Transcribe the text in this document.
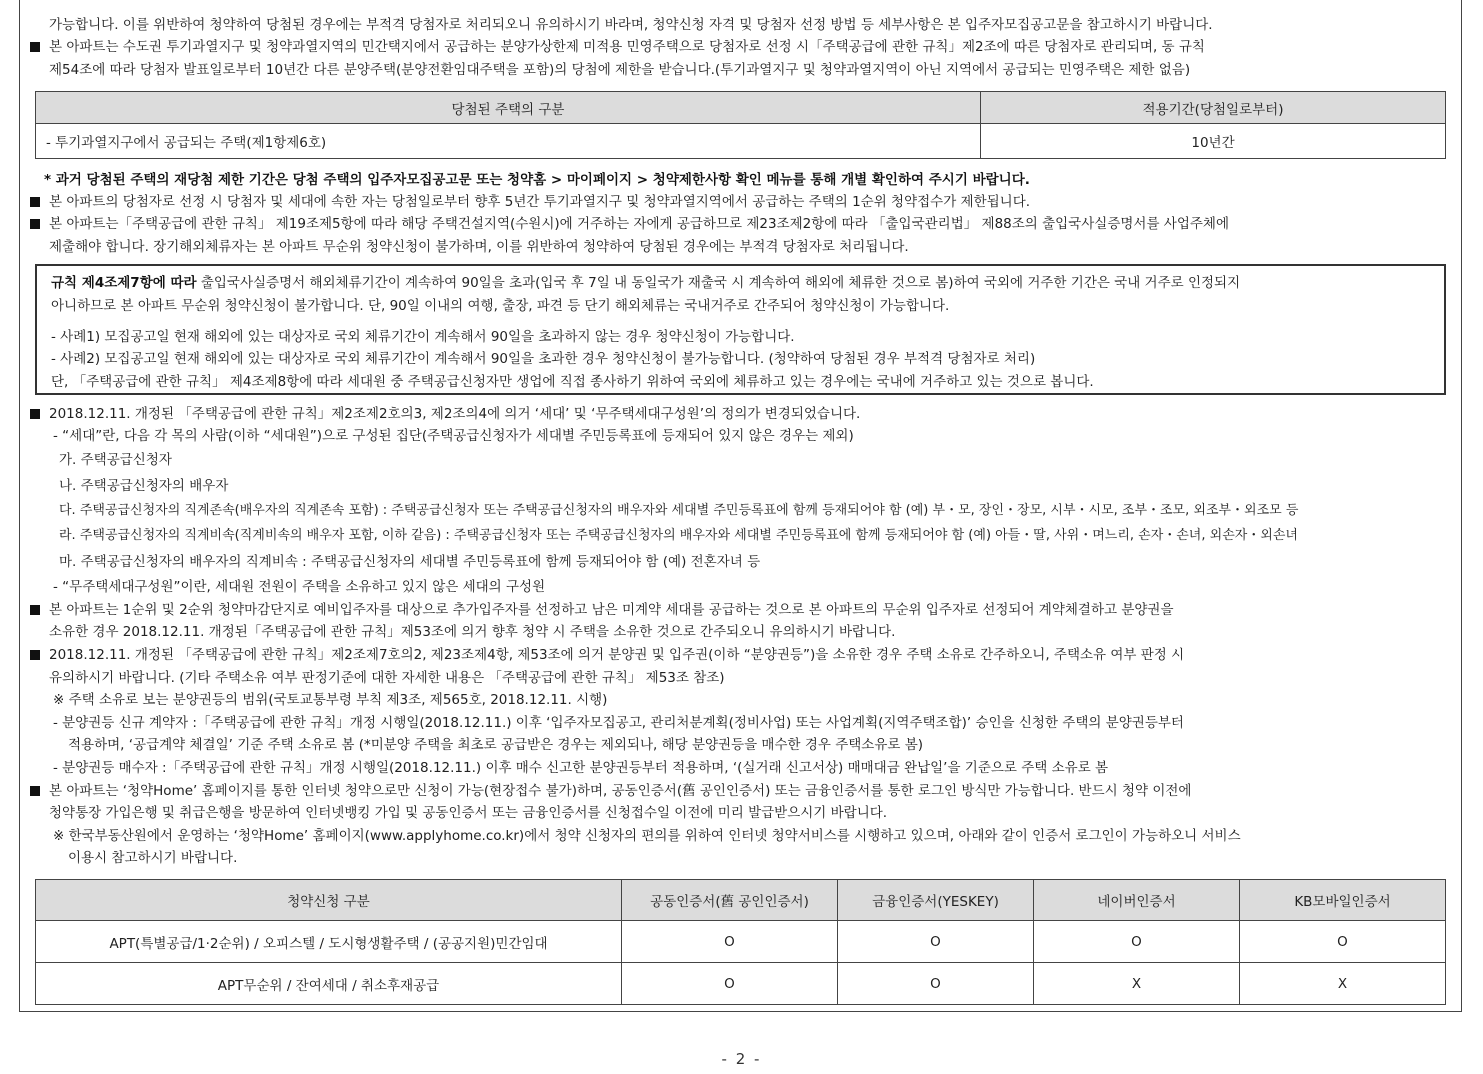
가능합니다. 이를 위반하여 청약하여 당첨된 경우에는 부적격 당첨자로 처리되오니 유의하시기 바라며, 청약신청 자격 및 당첨자 선정 방법 등 세부사항은 본 입주자모집공고문을 참고하시기 바랍니다.
본 아파트는 수도권 투기과열지구 및 청약과열지역의 민간택지에서 공급하는 분양가상한제 미적용 민영주택으로 당첨자로 선정 시「주택공급에 관한 규칙」제2조에 따른 당첨자로 관리되며, 동 규칙
제54조에 따라 당첨자 발표일로부터 10년간 다른 분양주택(분양전환임대주택을 포함)의 당첨에 제한을 받습니다.(투기과열지구 및 청약과열지역이 아닌 지역에서 공급되는 민영주택은 제한 없음)
당첨된 주택의 구분	적용기간(당첨일로부터)
- 투기과열지구에서 공급되는 주택(제1항제6호)	10년간
* 과거 당첨된 주택의 재당첨 제한 기간은 당첨 주택의 입주자모집공고문 또는 청약홈 > 마이페이지 > 청약제한사항 확인 메뉴를 통해 개별 확인하여 주시기 바랍니다.
본 아파트의 당첨자로 선정 시 당첨자 및 세대에 속한 자는 당첨일로부터 향후 5년간 투기과열지구 및 청약과열지역에서 공급하는 주택의 1순위 청약접수가 제한됩니다.
본 아파트는「주택공급에 관한 규칙」 제19조제5항에 따라 해당 주택건설지역(수원시)에 거주하는 자에게 공급하므로 제23조제2항에 따라 「출입국관리법」 제88조의 출입국사실증명서를 사업주체에
제출해야 합니다. 장기해외체류자는 본 아파트 무순위 청약신청이 불가하며, 이를 위반하여 청약하여 당첨된 경우에는 부적격 당첨자로 처리됩니다.
규칙 제4조제7항에 따라 출입국사실증명서 해외체류기간이 계속하여 90일을 초과(입국 후 7일 내 동일국가 재출국 시 계속하여 해외에 체류한 것으로 봄)하여 국외에 거주한 기간은 국내 거주로 인정되지
아니하므로 본 아파트 무순위 청약신청이 불가합니다. 단, 90일 이내의 여행, 출장, 파견 등 단기 해외체류는 국내거주로 간주되어 청약신청이 가능합니다.
- 사례1) 모집공고일 현재 해외에 있는 대상자로 국외 체류기간이 계속해서 90일을 초과하지 않는 경우 청약신청이 가능합니다.
- 사례2) 모집공고일 현재 해외에 있는 대상자로 국외 체류기간이 계속해서 90일을 초과한 경우 청약신청이 불가능합니다. (청약하여 당첨된 경우 부적격 당첨자로 처리)
단, 「주택공급에 관한 규칙」 제4조제8항에 따라 세대원 중 주택공급신청자만 생업에 직접 종사하기 위하여 국외에 체류하고 있는 경우에는 국내에 거주하고 있는 것으로 봅니다.
2018.12.11. 개정된 「주택공급에 관한 규칙」제2조제2호의3, 제2조의4에 의거 ‘세대’ 및 ‘무주택세대구성원’의 정의가 변경되었습니다.
- “세대”란, 다음 각 목의 사람(이하 “세대원”)으로 구성된 집단(주택공급신청자가 세대별 주민등록표에 등재되어 있지 않은 경우는 제외)
가. 주택공급신청자
나. 주택공급신청자의 배우자
다. 주택공급신청자의 직계존속(배우자의 직계존속 포함) : 주택공급신청자 또는 주택공급신청자의 배우자와 세대별 주민등록표에 함께 등재되어야 함 (예) 부・모, 장인・장모, 시부・시모, 조부・조모, 외조부・외조모 등
라. 주택공급신청자의 직계비속(직계비속의 배우자 포함, 이하 같음) : 주택공급신청자 또는 주택공급신청자의 배우자와 세대별 주민등록표에 함께 등재되어야 함 (예) 아들・딸, 사위・며느리, 손자・손녀, 외손자・외손녀
마. 주택공급신청자의 배우자의 직계비속 : 주택공급신청자의 세대별 주민등록표에 함께 등재되어야 함 (예) 전혼자녀 등
- “무주택세대구성원”이란, 세대원 전원이 주택을 소유하고 있지 않은 세대의 구성원
본 아파트는 1순위 및 2순위 청약마감단지로 예비입주자를 대상으로 추가입주자를 선정하고 남은 미계약 세대를 공급하는 것으로 본 아파트의 무순위 입주자로 선정되어 계약체결하고 분양권을
소유한 경우 2018.12.11. 개정된「주택공급에 관한 규칙」제53조에 의거 향후 청약 시 주택을 소유한 것으로 간주되오니 유의하시기 바랍니다.
2018.12.11. 개정된 「주택공급에 관한 규칙」제2조제7호의2, 제23조제4항, 제53조에 의거 분양권 및 입주권(이하 “분양권등”)을 소유한 경우 주택 소유로 간주하오니, 주택소유 여부 판정 시
유의하시기 바랍니다. (기타 주택소유 여부 판정기준에 대한 자세한 내용은 「주택공급에 관한 규칙」 제53조 참조)
※ 주택 소유로 보는 분양권등의 범위(국토교통부령 부칙 제3조, 제565호, 2018.12.11. 시행)
- 분양권등 신규 계약자 :「주택공급에 관한 규칙」개정 시행일(2018.12.11.) 이후 ‘입주자모집공고, 관리처분계획(정비사업) 또는 사업계획(지역주택조합)’ 승인을 신청한 주택의 분양권등부터
적용하며, ‘공급계약 체결일’ 기준 주택 소유로 봄 (*미분양 주택을 최초로 공급받은 경우는 제외되나, 해당 분양권등을 매수한 경우 주택소유로 봄)
- 분양권등 매수자 :「주택공급에 관한 규칙」개정 시행일(2018.12.11.) 이후 매수 신고한 분양권등부터 적용하며, ‘(실거래 신고서상) 매매대금 완납일’을 기준으로 주택 소유로 봄
본 아파트는 ‘청약Home’ 홈페이지를 통한 인터넷 청약으로만 신청이 가능(현장접수 불가)하며, 공동인증서(舊 공인인증서) 또는 금융인증서를 통한 로그인 방식만 가능합니다. 반드시 청약 이전에
청약통장 가입은행 및 취급은행을 방문하여 인터넷뱅킹 가입 및 공동인증서 또는 금융인증서를 신청접수일 이전에 미리 발급받으시기 바랍니다.
※ 한국부동산원에서 운영하는 ‘청약Home’ 홈페이지(www.applyhome.co.kr)에서 청약 신청자의 편의를 위하여 인터넷 청약서비스를 시행하고 있으며, 아래와 같이 인증서 로그인이 가능하오니 서비스
이용시 참고하시기 바랍니다.
청약신청 구분	공동인증서(舊 공인인증서)	금융인증서(YESKEY)	네이버인증서	KB모바일인증서
APT(특별공급/1·2순위) / 오피스텔 / 도시형생활주택 / (공공지원)민간임대	O	O	O	O
APT무순위 / 잔여세대 / 취소후재공급	O	O	X	X
- 2 -
